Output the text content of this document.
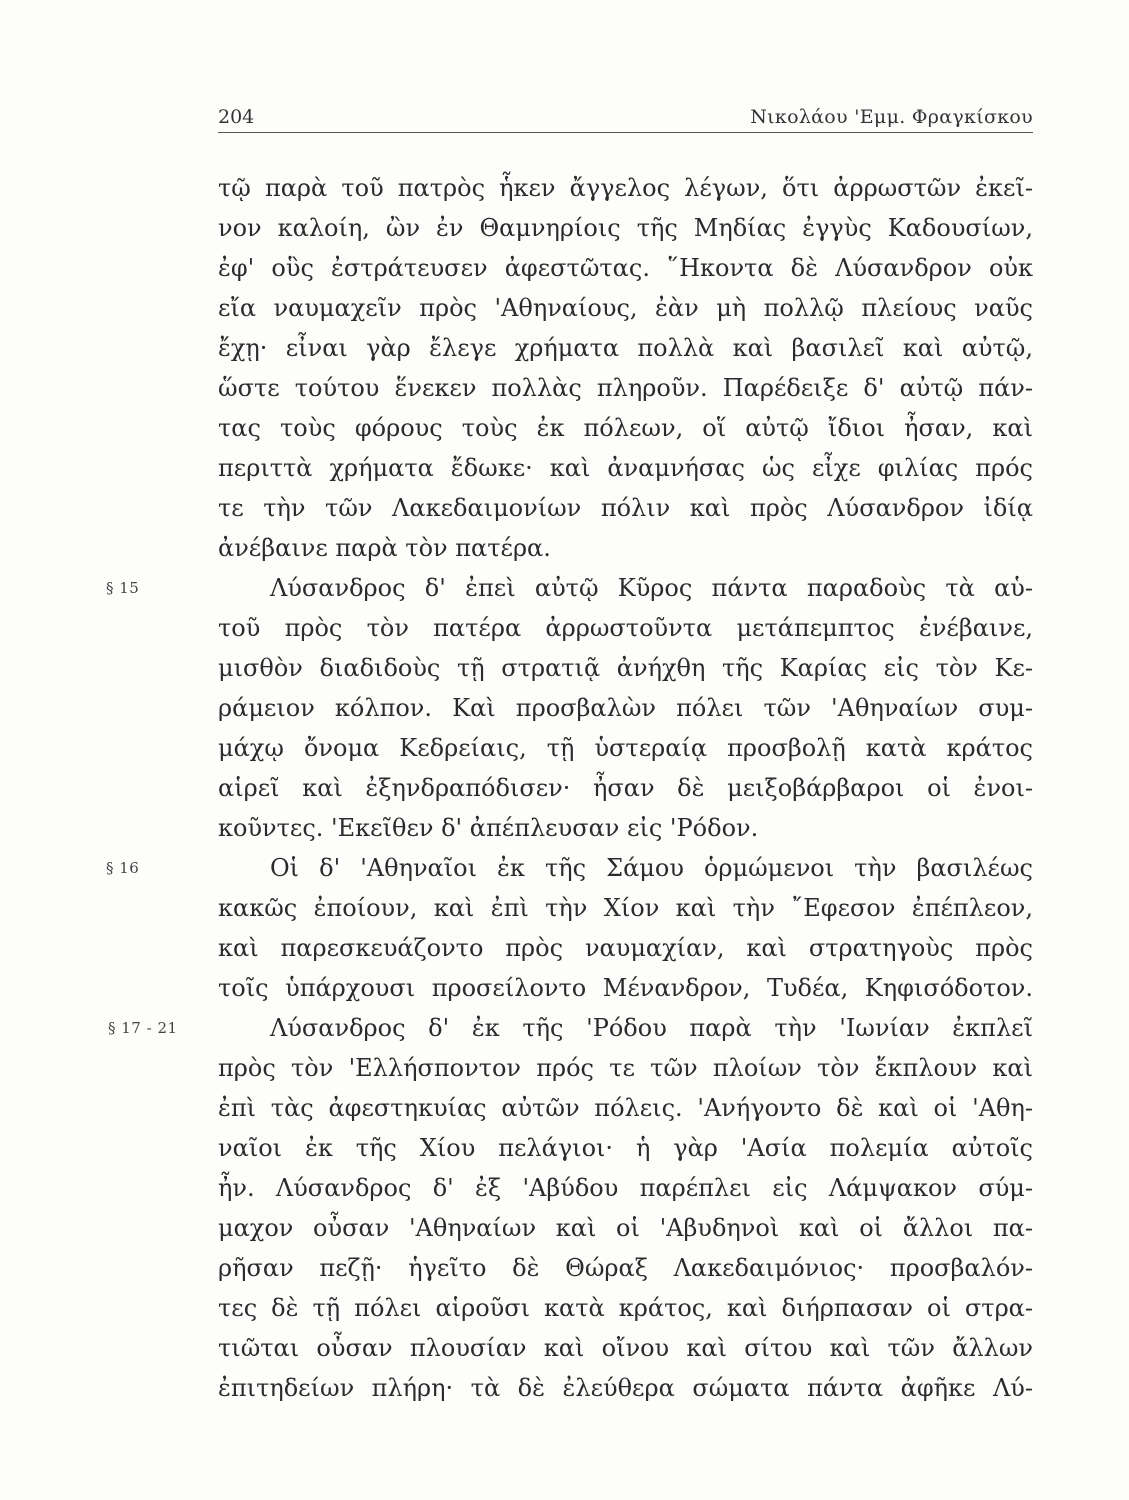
204	Νικολάου 'Εμμ. Φραγκίσκου
τῷ παρὰ τοῦ πατρὸς ἧκεν ἄγγελος λέγων, ὅτι ἀρρωστῶν ἐκεῖ-
νον καλοίη, ὢν ἐν Θαμνηρίοις τῆς Μηδίας ἐγγὺς Καδουσίων,
ἐφ' οὓς ἐστράτευσεν ἀφεστῶτας. ῞Ηκοντα δὲ Λύσανδρον οὐκ
εἴα ναυμαχεῖν πρὸς 'Αθηναίους, ἐὰν μὴ πολλῷ πλείους ναῦς
ἔχῃ· εἶναι γὰρ ἔλεγε χρήματα πολλὰ καὶ βασιλεῖ καὶ αὐτῷ,
ὥστε τούτου ἕνεκεν πολλὰς πληροῦν. Παρέδειξε δ' αὐτῷ πάν-
τας τοὺς φόρους τοὺς ἐκ πόλεων, οἵ αὐτῷ ἴδιοι ἦσαν, καὶ
περιττὰ χρήματα ἔδωκε· καὶ ἀναμνήσας ὡς εἶχε φιλίας πρός
τε τὴν τῶν Λακεδαιμονίων πόλιν καὶ πρὸς Λύσανδρον ἰδίᾳ
ἀνέβαινε παρὰ τὸν πατέρα.
§ 15	Λύσανδρος δ' ἐπεὶ αὐτῷ Κῦρος πάντα παραδοὺς τὰ αὑ-
τοῦ πρὸς τὸν πατέρα ἀρρωστοῦντα μετάπεμπτος ἐνέβαινε,
μισθὸν διαδιδοὺς τῇ στρατιᾷ ἀνήχθη τῆς Καρίας εἰς τὸν Κε-
ράμειον κόλπον. Καὶ προσβαλὼν πόλει τῶν 'Αθηναίων συμ-
μάχῳ ὄνομα Κεδρείαις, τῇ ὑστεραίᾳ προσβολῇ κατὰ κράτος
αἱρεῖ καὶ ἐξηνδραπόδισεν· ἦσαν δὲ μειξοβάρβαροι οἱ ἐνοι-
κοῦντες. 'Εκεῖθεν δ' ἀπέπλευσαν εἰς 'Ρόδον.
§ 16	Οἱ δ' 'Αθηναῖοι ἐκ τῆς Σάμου ὁρμώμενοι τὴν βασιλέως
κακῶς ἐποίουν, καὶ ἐπὶ τὴν Χίον καὶ τὴν ῎Εφεσον ἐπέπλεον,
καὶ παρεσκευάζοντο πρὸς ναυμαχίαν, καὶ στρατηγοὺς πρὸς
τοῖς ὑπάρχουσι προσείλοντο Μένανδρον, Τυδέα, Κηφισόδοτον.
§ 17 - 21	Λύσανδρος δ' ἐκ τῆς 'Ρόδου παρὰ τὴν 'Ιωνίαν ἐκπλεῖ
πρὸς τὸν 'Ελλήσποντον πρός τε τῶν πλοίων τὸν ἔκπλουν καὶ
ἐπὶ τὰς ἀφεστηκυίας αὐτῶν πόλεις. 'Ανήγοντο δὲ καὶ οἱ 'Αθη-
ναῖοι ἐκ τῆς Χίου πελάγιοι· ἡ γὰρ 'Ασία πολεμία αὐτοῖς
ἦν. Λύσανδρος δ' ἐξ 'Αβύδου παρέπλει εἰς Λάμψακον σύμ-
μαχον οὖσαν 'Αθηναίων καὶ οἱ 'Αβυδηνοὶ καὶ οἱ ἄλλοι πα-
ρῆσαν πεζῇ· ἡγεῖτο δὲ Θώραξ Λακεδαιμόνιος· προσβαλόν-
τες δὲ τῇ πόλει αἱροῦσι κατὰ κράτος, καὶ διήρπασαν οἱ στρα-
τιῶται οὖσαν πλουσίαν καὶ οἴνου καὶ σίτου καὶ τῶν ἄλλων
ἐπιτηδείων πλήρη· τὰ δὲ ἐλεύθερα σώματα πάντα ἀφῆκε Λύ-
